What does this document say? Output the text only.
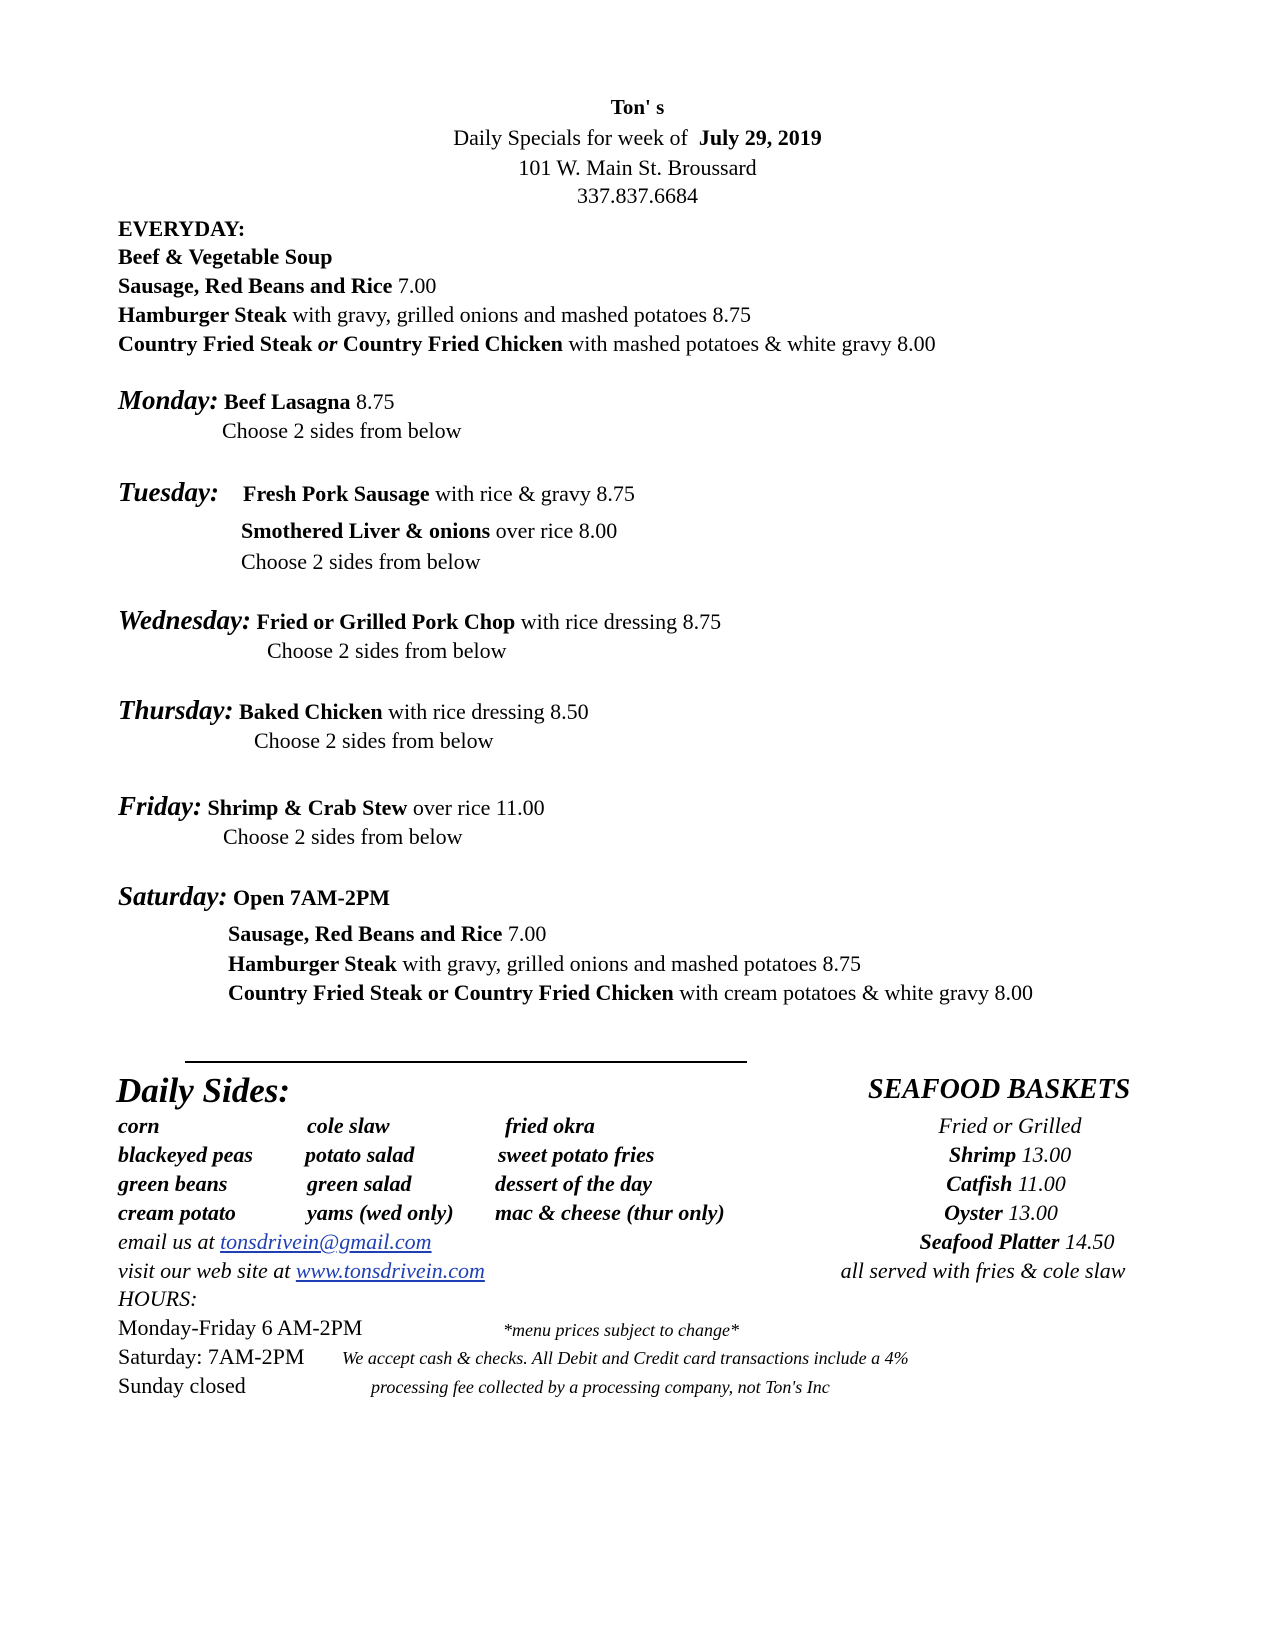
Ton' s
Daily Specials for week of July 29, 2019
101 W. Main St. Broussard
337.837.6684
EVERYDAY:
Beef & Vegetable Soup
Sausage, Red Beans and Rice 7.00
Hamburger Steak with gravy, grilled onions and mashed potatoes 8.75
Country Fried Steak or Country Fried Chicken with mashed potatoes & white gravy 8.00
Monday: Beef Lasagna 8.75
Choose 2 sides from below
Tuesday: Fresh Pork Sausage with rice & gravy 8.75
Smothered Liver & onions over rice 8.00
Choose 2 sides from below
Wednesday: Fried or Grilled Pork Chop with rice dressing 8.75
Choose 2 sides from below
Thursday: Baked Chicken with rice dressing 8.50
Choose 2 sides from below
Friday: Shrimp & Crab Stew over rice 11.00
Choose 2 sides from below
Saturday: Open 7AM-2PM
Sausage, Red Beans and Rice 7.00
Hamburger Steak with gravy, grilled onions and mashed potatoes 8.75
Country Fried Steak or Country Fried Chicken with cream potatoes & white gravy 8.00
Daily Sides:
corn
blackeyed peas
green beans
cream potato
cole slaw
potato salad
green salad
yams (wed only)
fried okra
sweet potato fries
dessert of the day
mac & cheese (thur only)
SEAFOOD BASKETS
Fried or Grilled
Shrimp 13.00
Catfish 11.00
Oyster 13.00
Seafood Platter 14.50
all served with fries & cole slaw
email us at tonsdrivein@gmail.com
visit our web site at www.tonsdrivein.com
HOURS:
Monday-Friday 6 AM-2PM
Saturday: 7AM-2PM
Sunday closed
*menu prices subject to change*
We accept cash & checks. All Debit and Credit card transactions include a 4%
processing fee collected by a processing company, not Ton's Inc
